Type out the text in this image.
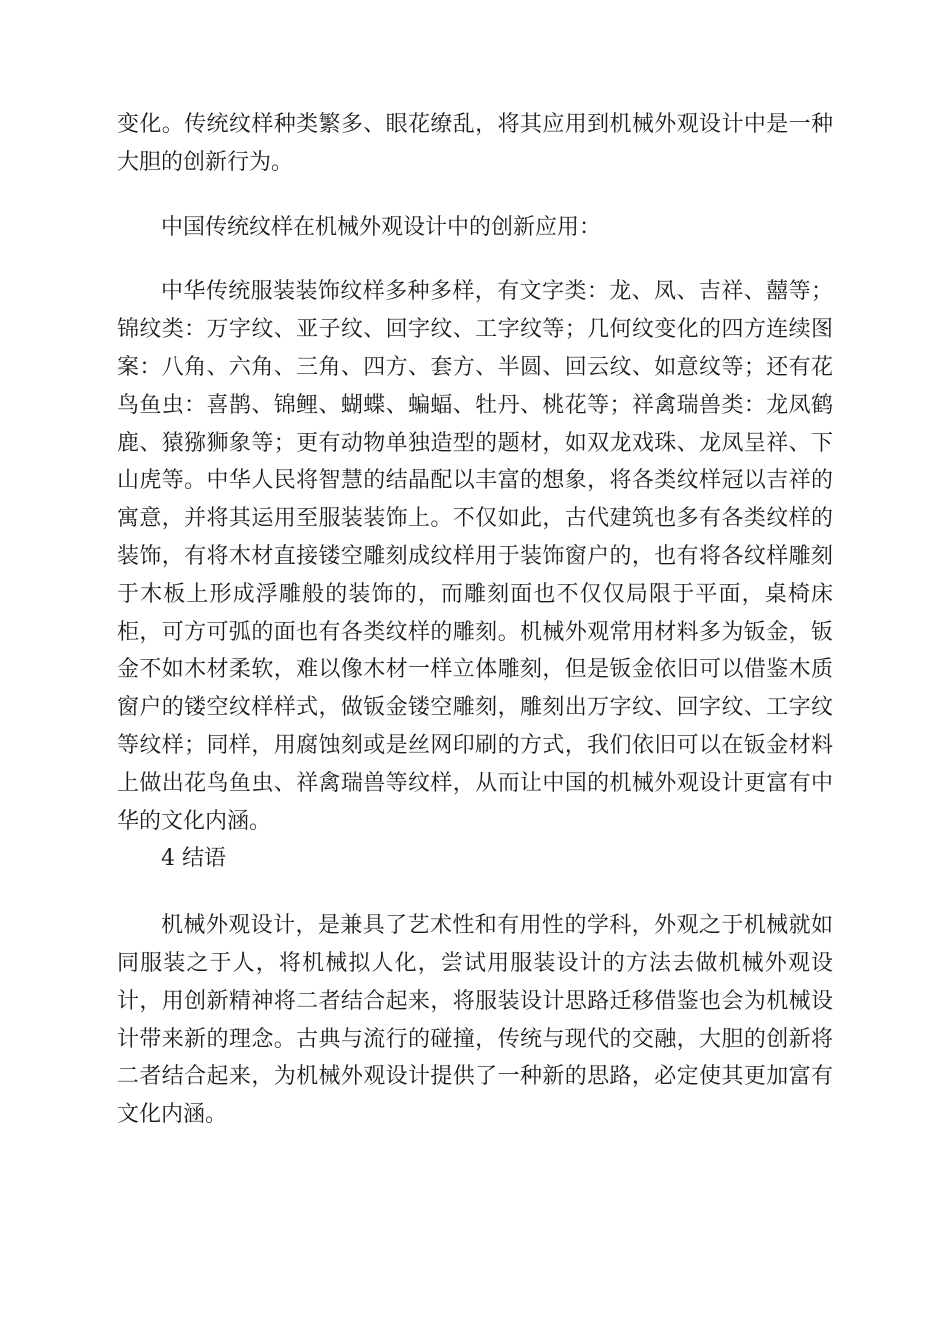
变化。传统纹样种类繁多、眼花缭乱，将其应用到机械外观设计中是一种大胆的创新行为。

中国传统纹样在机械外观设计中的创新应用：

中华传统服装装饰纹样多种多样，有文字类：龙、凤、吉祥、囍等；锦纹类：万字纹、亚子纹、回字纹、工字纹等；几何纹变化的四方连续图案：八角、六角、三角、四方、套方、半圆、回云纹、如意纹等；还有花鸟鱼虫：喜鹊、锦鲤、蝴蝶、蝙蝠、牡丹、桃花等；祥禽瑞兽类：龙凤鹤鹿、猿猕狮象等；更有动物单独造型的题材，如双龙戏珠、龙凤呈祥、下山虎等。中华人民将智慧的结晶配以丰富的想象，将各类纹样冠以吉祥的寓意，并将其运用至服装装饰上。不仅如此，古代建筑也多有各类纹样的装饰，有将木材直接镂空雕刻成纹样用于装饰窗户的，也有将各纹样雕刻于木板上形成浮雕般的装饰的，而雕刻面也不仅仅局限于平面，桌椅床柜，可方可弧的面也有各类纹样的雕刻。机械外观常用材料多为钣金，钣金不如木材柔软，难以像木材一样立体雕刻，但是钣金依旧可以借鉴木质窗户的镂空纹样样式，做钣金镂空雕刻，雕刻出万字纹、回字纹、工字纹等纹样；同样，用腐蚀刻或是丝网印刷的方式，我们依旧可以在钣金材料上做出花鸟鱼虫、祥禽瑞兽等纹样，从而让中国的机械外观设计更富有中华的文化内涵。

4 结语

机械外观设计，是兼具了艺术性和有用性的学科，外观之于机械就如同服装之于人，将机械拟人化，尝试用服装设计的方法去做机械外观设计，用创新精神将二者结合起来，将服装设计思路迁移借鉴也会为机械设计带来新的理念。古典与流行的碰撞，传统与现代的交融，大胆的创新将二者结合起来，为机械外观设计提供了一种新的思路，必定使其更加富有文化内涵。
